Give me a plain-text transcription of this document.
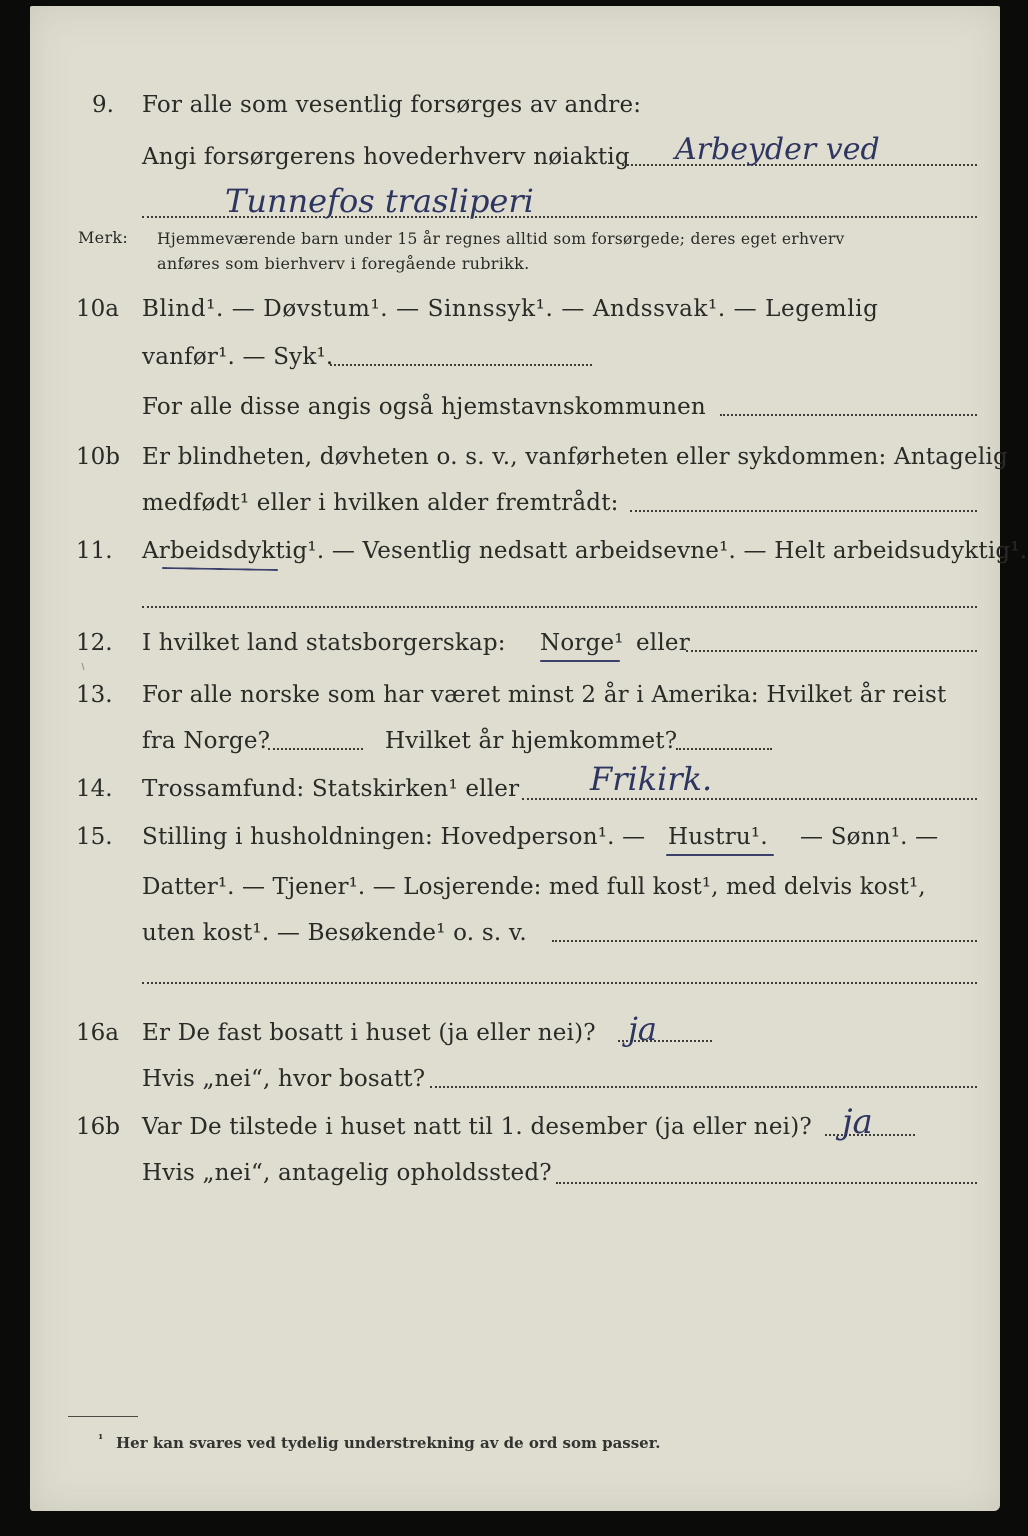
9. For alle som vesentlig forsørges av andre:
Angi forsørgerens hovederhverv nøiaktig Arbeyder ved
Tunnefos trasliperi
Merk: Hjemmeværende barn under 15 år regnes alltid som forsørgede; deres eget erhverv
anføres som bierhverv i foregående rubrikk.
10a Blind¹. — Døvstum¹. — Sinnssyk¹. — Andssvak¹. — Legemlig
vanfør¹. — Syk¹.
For alle disse angis også hjemstavnskommunen
10b Er blindheten, døvheten o. s. v., vanførheten eller sykdommen: Antagelig
medfødt¹ eller i hvilken alder fremtrådt:
11. Arbeidsdyktig¹. — Vesentlig nedsatt arbeidsevne¹. — Helt arbeidsudyktig¹.
12. I hvilket land statsborgerskap: Norge¹ eller
13. For alle norske som har været minst 2 år i Amerika: Hvilket år reist
fra Norge?	Hvilket år hjemkommet?
14. Trossamfund: Statskirken¹ eller Frikirk.
15. Stilling i husholdningen: Hovedperson¹. — Hustru¹. — Sønn¹. —
Datter¹. — Tjener¹. — Losjerende: med full kost¹, med delvis kost¹,
uten kost¹. — Besøkende¹ o. s. v.
16a Er De fast bosatt i huset (ja eller nei)? ja
Hvis „nei“, hvor bosatt?
16b Var De tilstede i huset natt til 1. desember (ja eller nei)? ja
Hvis „nei“, antagelig opholdssted?
¹ Her kan svares ved tydelig understrekning av de ord som passer.
